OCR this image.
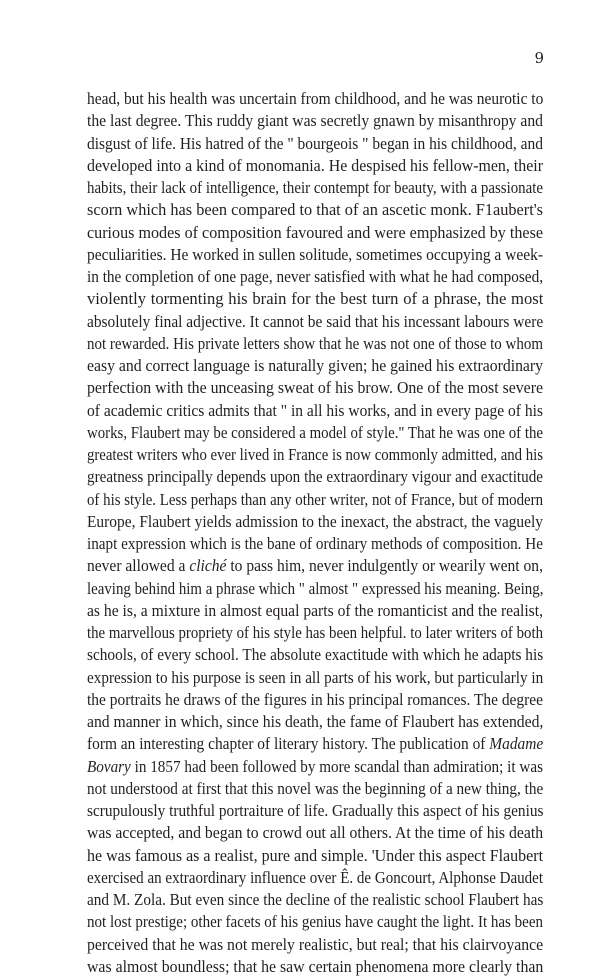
9
head, but his health was uncertain from childhood, and he was neurotic to
the last degree. This ruddy giant was secretly gnawn by misanthropy and
disgust of life. His hatred of the " bourgeois " began in his childhood, and
developed into a kind of monomania. He despised his fellow-men, their
habits, their lack of intelligence, their contempt for beauty, with a passionate
scorn which has been compared to that of an ascetic monk. F1aubert's
curious modes of composition favoured and were emphasized by these
peculiarities. He worked in sullen solitude, sometimes occupying a week-
in the completion of one page, never satisfied with what he had composed,
violently tormenting his brain for the best turn of a phrase, the most
absolutely final adjective. It cannot be said that his incessant labours were
not rewarded. His private letters show that he was not one of those to whom
easy and correct language is naturally given; he gained his extraordinary
perfection with the unceasing sweat of his brow. One of the most severe
of academic critics admits that " in all his works, and in every page of his
works, Flaubert may be considered a model of style." That he was one of the
greatest writers who ever lived in France is now commonly admitted, and his
greatness principally depends upon the extraordinary vigour and exactitude
of his style. Less perhaps than any other writer, not of France, but of modern
Europe, Flaubert yields admission to the inexact, the abstract, the vaguely
inapt expression which is the bane of ordinary methods of composition. He
never allowed a cliché to pass him, never indulgently or wearily went on,
leaving behind him a phrase which " almost " expressed his meaning. Being,
as he is, a mixture in almost equal parts of the romanticist and the realist,
the marvellous propriety of his style has been helpful. to later writers of both
schools, of every school. The absolute exactitude with which he adapts his
expression to his purpose is seen in all parts of his work, but particularly in
the portraits he draws of the figures in his principal romances. The degree
and manner in which, since his death, the fame of Flaubert has extended,
form an interesting chapter of literary history. The publication of Madame
Bovary in 1857 had been followed by more scandal than admiration; it was
not understood at first that this novel was the beginning of a new thing, the
scrupulously truthful portraiture of life. Gradually this aspect of his genius
was accepted, and began to crowd out all others. At the time of his death
he was famous as a realist, pure and simple. 'Under this aspect Flaubert
exercised an extraordinary influence over Ê. de Goncourt, Alphonse Daudet
and M. Zola. But even since the decline of the realistic school Flaubert has
not lost prestige; other facets of his genius have caught the light. It has been
perceived that he was not merely realistic, but real; that his clairvoyance
was almost boundless; that he saw certain phenomena more clearly than
